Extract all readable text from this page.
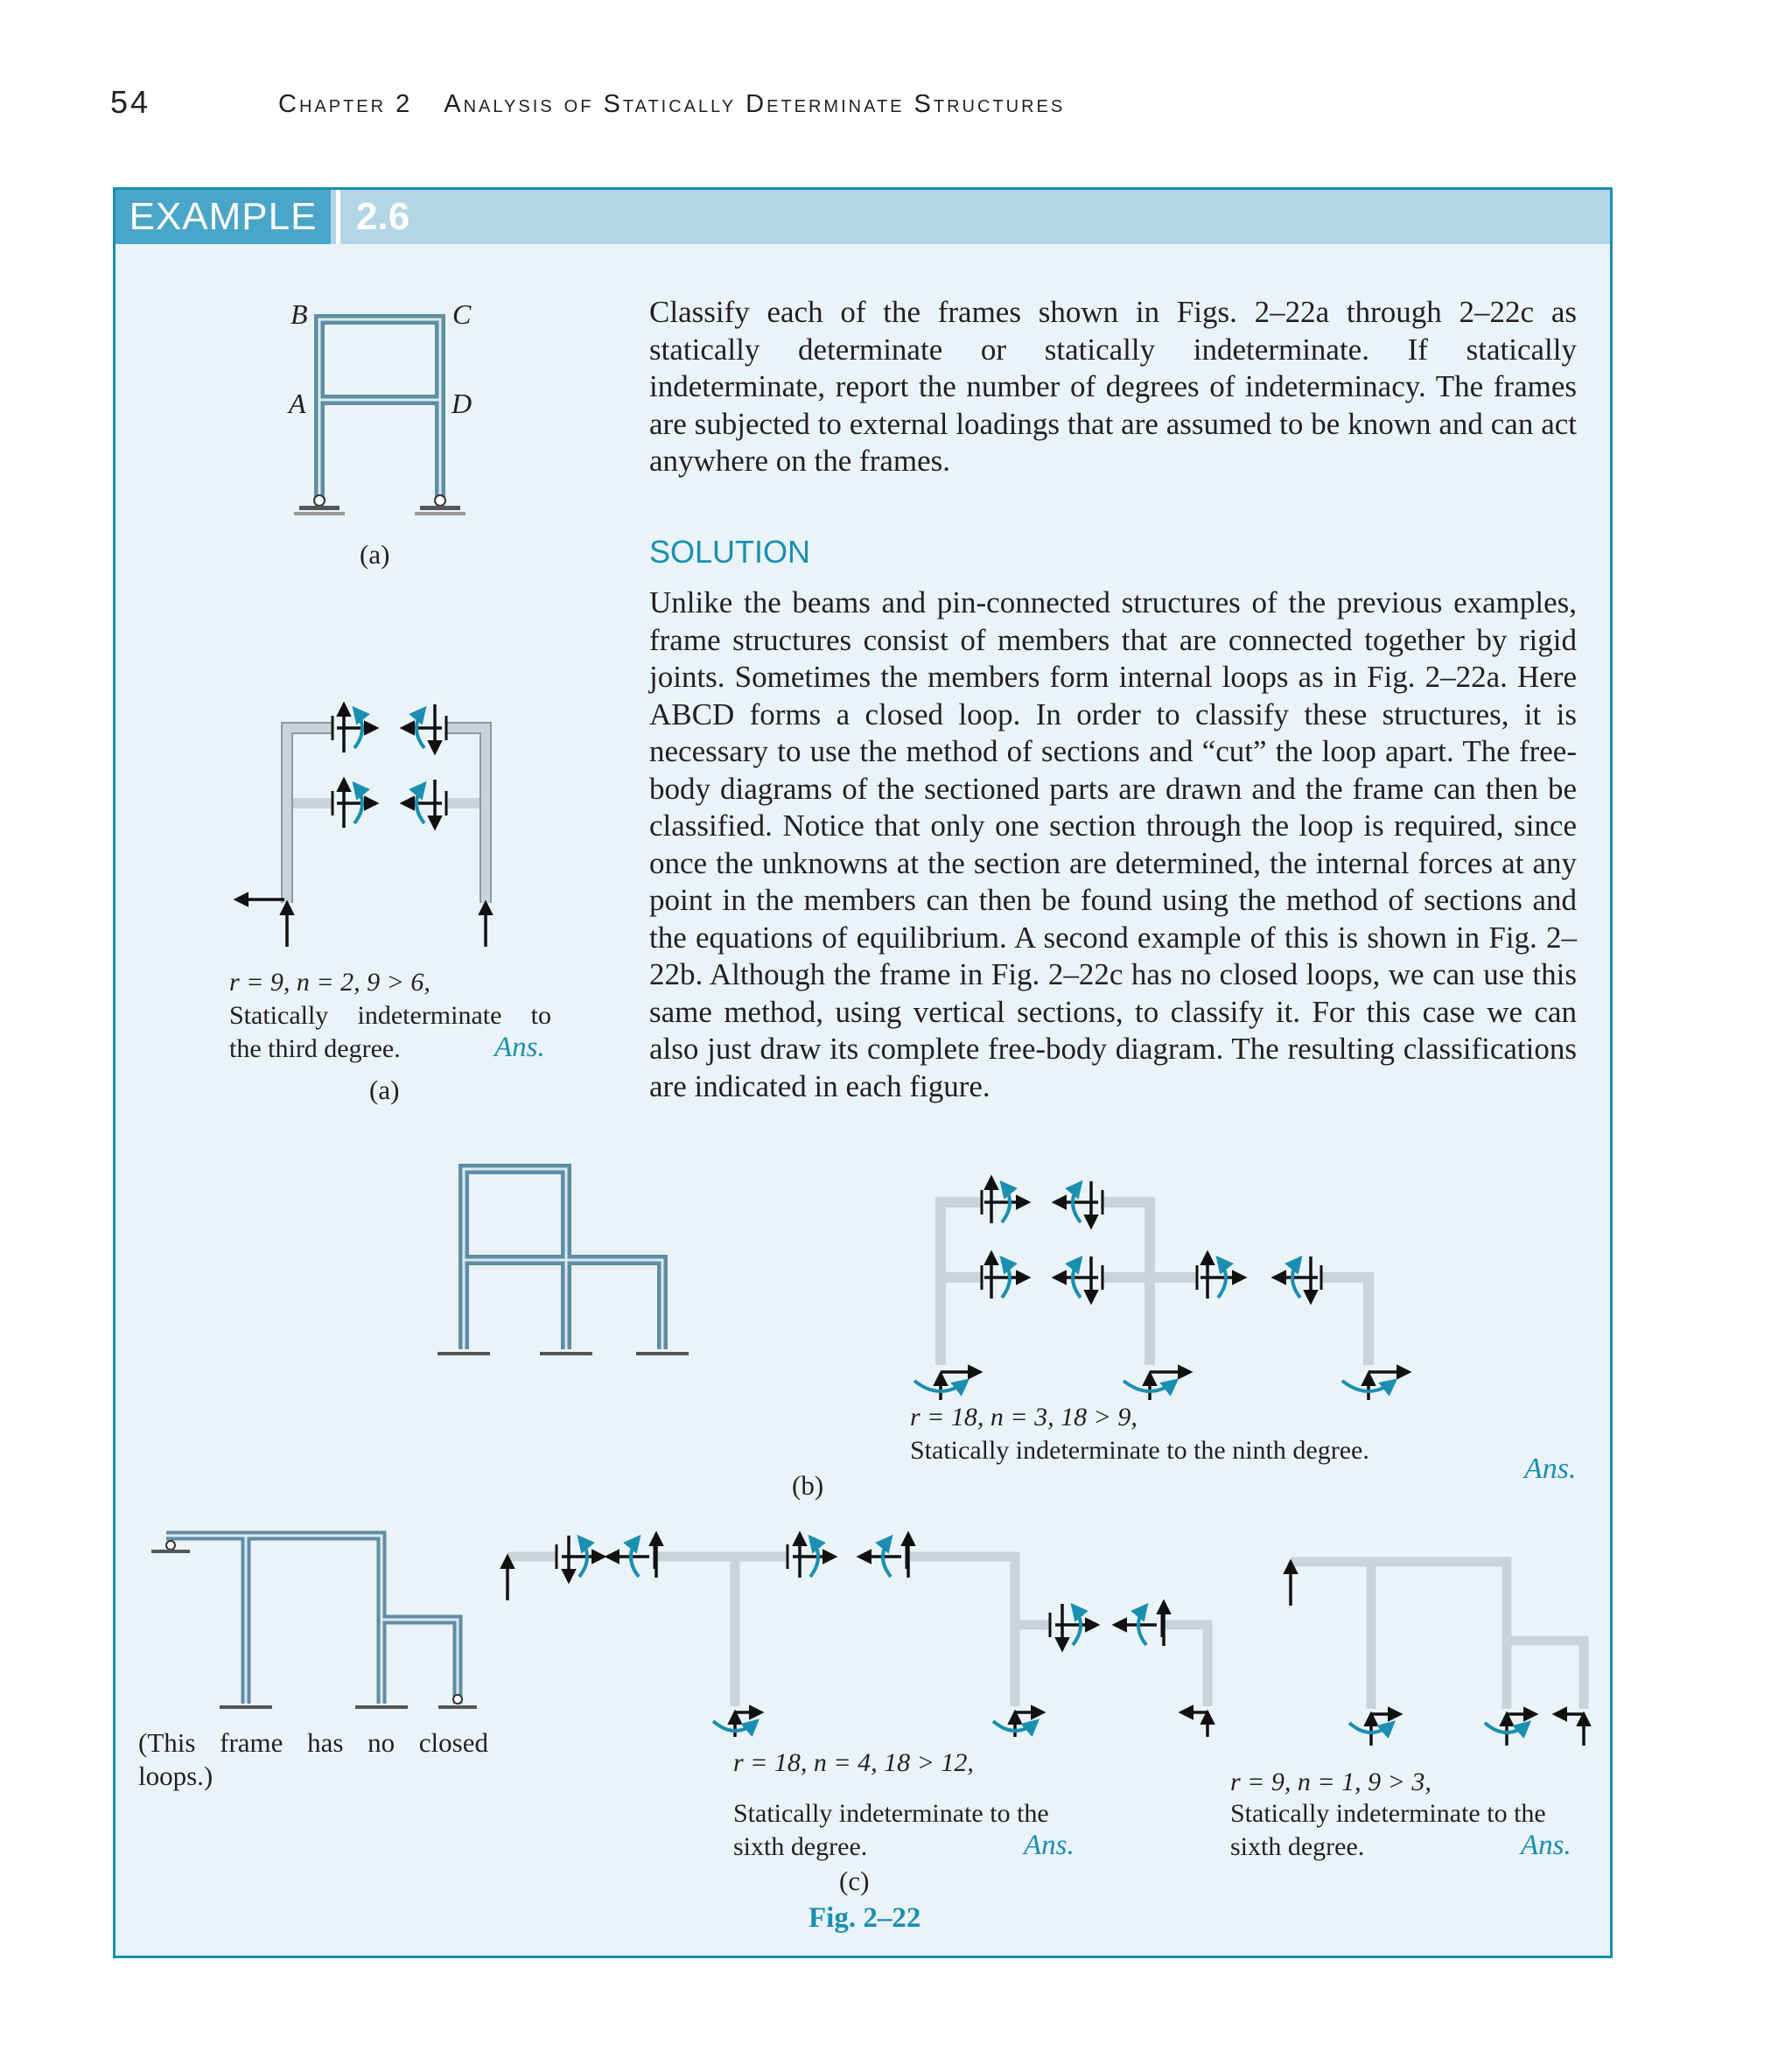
54	Chapter 2 Analysis of Statically Determinate Structures
EXAMPLE	2.6
Classify each of the frames shown in Figs. 2–22a through 2–22c as statically determinate or statically indeterminate. If statically indeterminate, report the number of degrees of indeterminacy. The frames are subjected to external loadings that are assumed to be known and can act anywhere on the frames.
SOLUTION
Unlike the beams and pin-connected structures of the previous examples, frame structures consist of members that are connected together by rigid joints. Sometimes the members form internal loops as in Fig. 2–22a. Here ABCD forms a closed loop. In order to classify these structures, it is necessary to use the method of sections and “cut” the loop apart. The free-body diagrams of the sectioned parts are drawn and the frame can then be classified. Notice that only one section through the loop is required, since once the unknowns at the section are determined, the internal forces at any point in the members can then be found using the method of sections and the equations of equilibrium. A second example of this is shown in Fig. 2–22b. Although the frame in Fig. 2–22c has no closed loops, we can use this same method, using vertical sections, to classify it. For this case we can also just draw its complete free-body diagram. The resulting classifications are indicated in each figure.
B	C
A	D
(a)
r = 9, n = 2, 9 > 6,
Statically indeterminate to
the third degree.	Ans.
(a)
r = 18, n = 3, 18 > 9,
Statically indeterminate to the ninth degree.
Ans.
(b)
(This frame has no closed loops.)	r = 18, n = 4, 18 > 12,
Statically indeterminate to the
sixth degree.	Ans.
(c)
r = 9, n = 1, 9 > 3,
Statically indeterminate to the
sixth degree.	Ans.
Fig. 2–22
